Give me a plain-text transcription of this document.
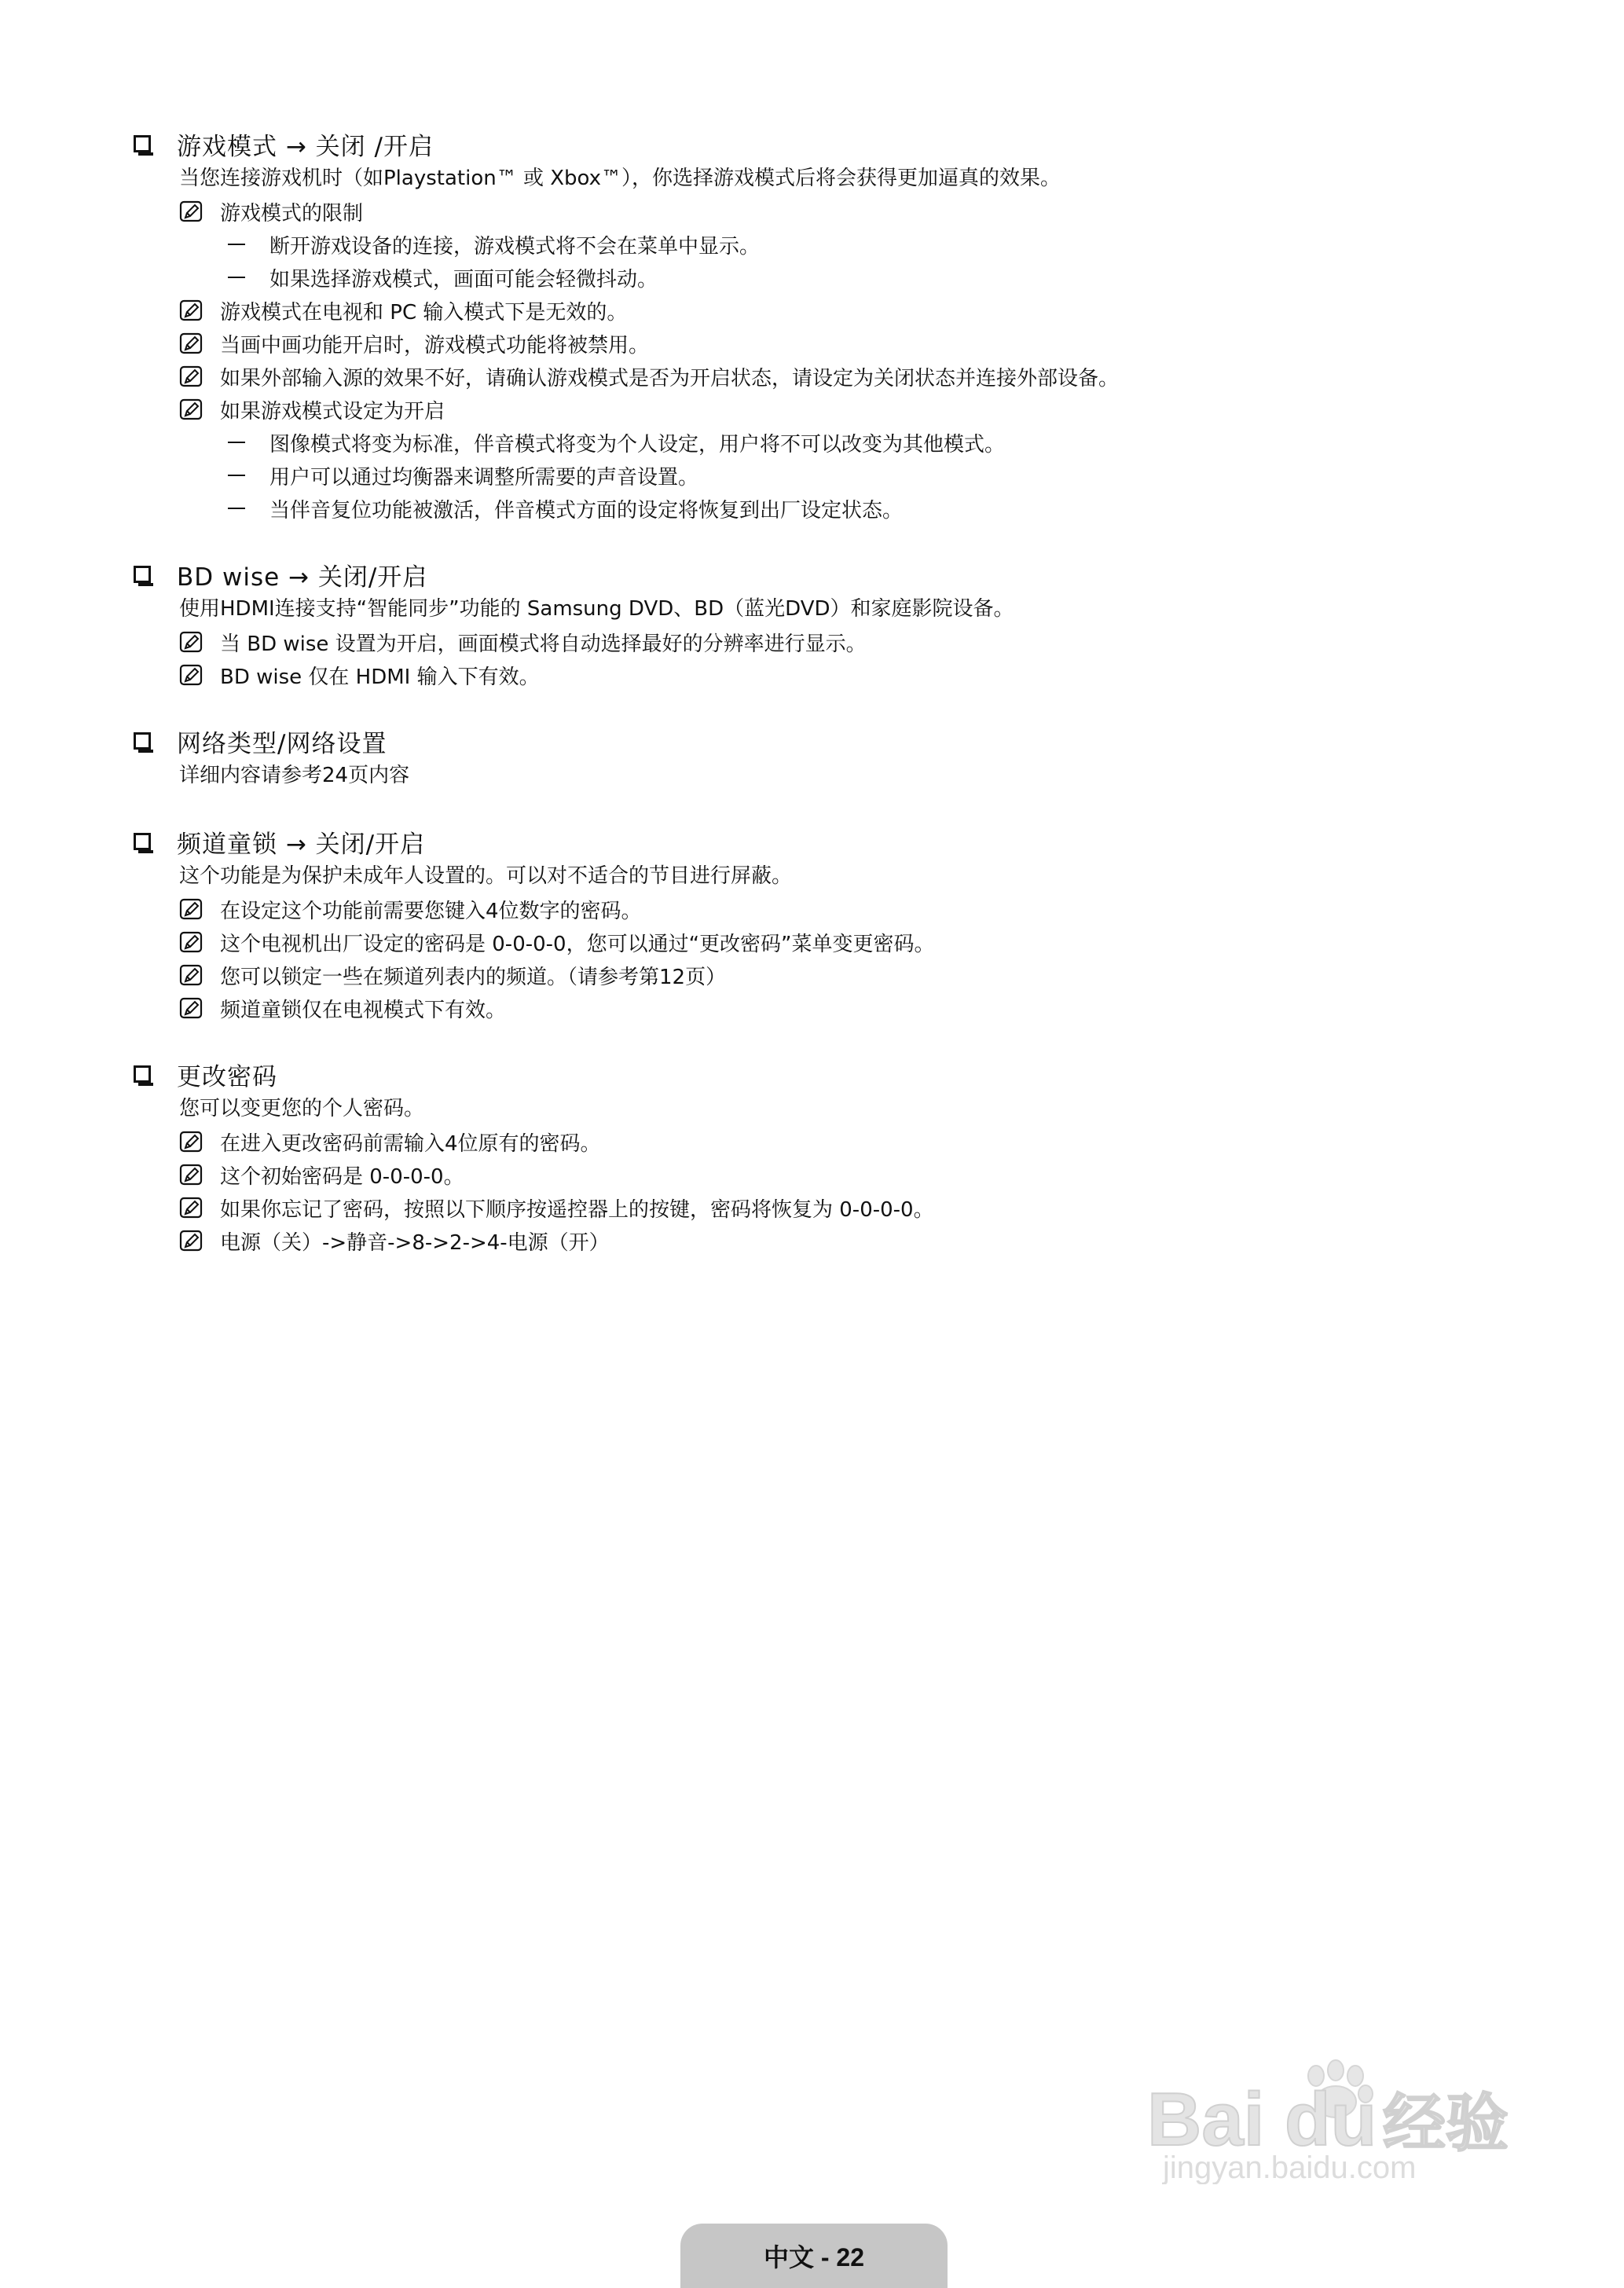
游戏模式 → 关闭 /开启
当您连接游戏机时（如Playstation™ 或 Xbox™），你选择游戏模式后将会获得更加逼真的效果。
游戏模式的限制
断开游戏设备的连接，游戏模式将不会在菜单中显示。
如果选择游戏模式，画面可能会轻微抖动。
游戏模式在电视和 PC 输入模式下是无效的。
当画中画功能开启时，游戏模式功能将被禁用。
如果外部输入源的效果不好，请确认游戏模式是否为开启状态，请设定为关闭状态并连接外部设备。
如果游戏模式设定为开启
图像模式将变为标准，伴音模式将变为个人设定，用户将不可以改变为其他模式。
用户可以通过均衡器来调整所需要的声音设置。
当伴音复位功能被激活，伴音模式方面的设定将恢复到出厂设定状态。
BD wise → 关闭/开启
使用HDMI连接支持“智能同步”功能的 Samsung DVD、BD（蓝光DVD）和家庭影院设备。
当 BD wise 设置为开启，画面模式将自动选择最好的分辨率进行显示。
BD wise 仅在 HDMI 输入下有效。
网络类型/网络设置
详细内容请参考24页内容
频道童锁 → 关闭/开启
这个功能是为保护未成年人设置的。可以对不适合的节目进行屏蔽。
在设定这个功能前需要您键入4位数字的密码。
这个电视机出厂设定的密码是 0-0-0-0，您可以通过“更改密码”菜单变更密码。
您可以锁定一些在频道列表内的频道。（请参考第12页）
频道童锁仅在电视模式下有效。
更改密码
您可以变更您的个人密码。
在进入更改密码前需输入4位原有的密码。
这个初始密码是 0-0-0-0。
如果你忘记了密码，按照以下顺序按遥控器上的按键，密码将恢复为 0-0-0-0。
电源（关）->静音->8->2->4-电源（开）
Bai du 经验
jingyan.baidu.com
中文 - 22
